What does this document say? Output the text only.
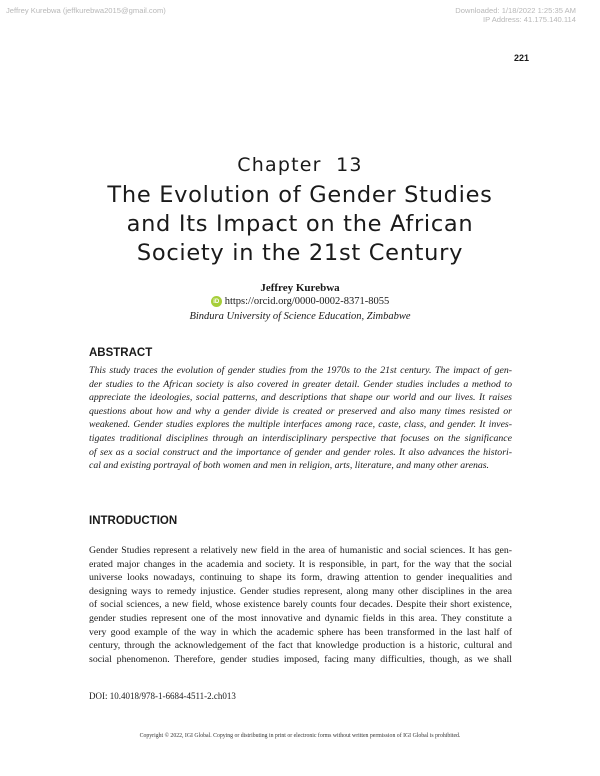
Jeffrey Kurebwa (jeffkurebwa2015@gmail.com)	Downloaded: 1/18/2022 1:25:35 AM
IP Address: 41.175.140.114
221
Chapter  13
The Evolution of Gender Studies
and Its Impact on the African
Society in the 21st Century
Jeffrey Kurebwa
iD https://orcid.org/0000-0002-8371-8055
Bindura University of Science Education, Zimbabwe
ABSTRACT
This study traces the evolution of gender studies from the 1970s to the 21st century. The impact of gen-
der studies to the African society is also covered in greater detail. Gender studies includes a method to
appreciate the ideologies, social patterns, and descriptions that shape our world and our lives. It raises
questions about how and why a gender divide is created or preserved and also many times resisted or
weakened. Gender studies explores the multiple interfaces among race, caste, class, and gender. It inves-
tigates traditional disciplines through an interdisciplinary perspective that focuses on the significance
of sex as a social construct and the importance of gender and gender roles. It also advances the histori-
cal and existing portrayal of both women and men in religion, arts, literature, and many other arenas.
INTRODUCTION
Gender Studies represent a relatively new field in the area of humanistic and social sciences. It has gen-
erated major changes in the academia and society. It is responsible, in part, for the way that the social
universe looks nowadays, continuing to shape its form, drawing attention to gender inequalities and
designing ways to remedy injustice. Gender studies represent, along many other disciplines in the area
of social sciences, a new field, whose existence barely counts four decades. Despite their short existence,
gender studies represent one of the most innovative and dynamic fields in this area. They constitute a
very good example of the way in which the academic sphere has been transformed in the last half of
century, through the acknowledgement of the fact that knowledge production is a historic, cultural and
social phenomenon. Therefore, gender studies imposed, facing many difficulties, though, as we shall
DOI: 10.4018/978-1-6684-4511-2.ch013
Copyright © 2022, IGI Global. Copying or distributing in print or electronic forms without written permission of IGI Global is prohibited.
